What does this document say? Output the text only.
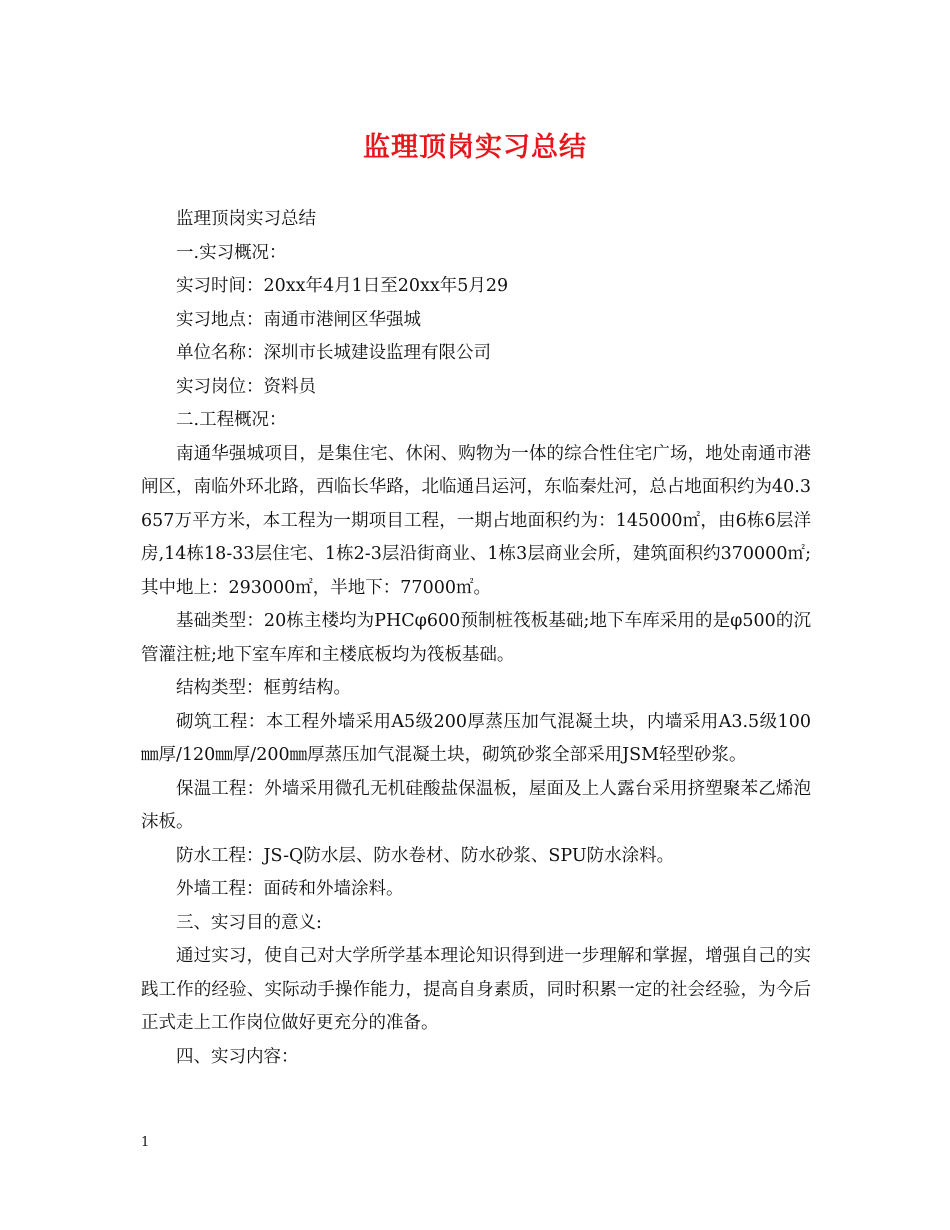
监理顶岗实习总结

监理顶岗实习总结

一.实习概况：

实习时间：20xx年4月1日至20xx年5月29

实习地点：南通市港闸区华强城

单位名称：深圳市长城建设监理有限公司

实习岗位：资料员

二.工程概况：

南通华强城项目，是集住宅、休闲、购物为一体的综合性住宅广场，地处南通市港闸区，南临外环北路，西临长华路，北临通吕运河，东临秦灶河，总占地面积约为40.3657万平方米，本工程为一期项目工程，一期占地面积约为：145000㎡，由6栋6层洋房,14栋18-33层住宅、1栋2-3层沿街商业、1栋3层商业会所，建筑面积约370000㎡;其中地上：293000㎡，半地下：77000㎡。

基础类型：20栋主楼均为PHCφ600预制桩筏板基础;地下车库采用的是φ500的沉管灌注桩;地下室车库和主楼底板均为筏板基础。

结构类型：框剪结构。

砌筑工程：本工程外墙采用A5级200厚蒸压加气混凝土块，内墙采用A3.5级100㎜厚/120㎜厚/200㎜厚蒸压加气混凝土块，砌筑砂浆全部采用JSM轻型砂浆。

保温工程：外墙采用微孔无机硅酸盐保温板，屋面及上人露台采用挤塑聚苯乙烯泡沫板。

防水工程：JS-Q防水层、防水卷材、防水砂浆、SPU防水涂料。

外墙工程：面砖和外墙涂料。

三、实习目的意义:

通过实习，使自己对大学所学基本理论知识得到进一步理解和掌握，增强自己的实践工作的经验、实际动手操作能力，提高自身素质，同时积累一定的社会经验，为今后正式走上工作岗位做好更充分的准备。

四、实习内容：

1
